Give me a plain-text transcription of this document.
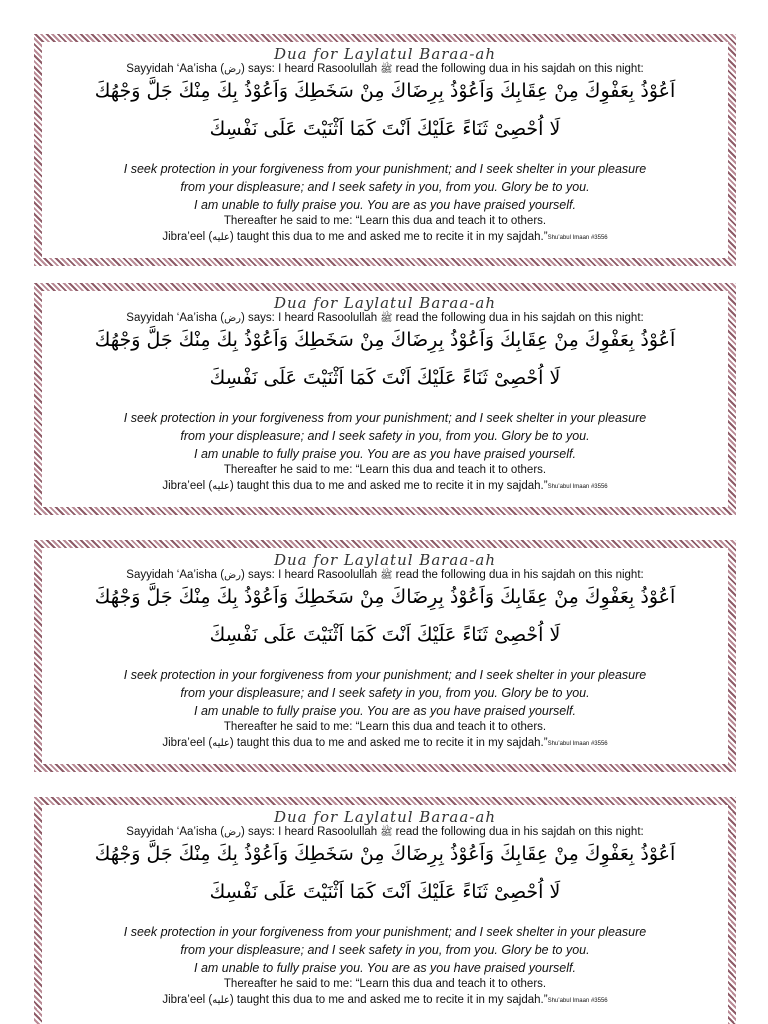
Dua for Laylatul Baraa-ah
Sayyidah ‘Aa’isha (رض) says: I heard Rasoolullah ﷺ read the following dua in his sajdah on this night:
اَعُوْذُ بِعَفْوِكَ مِنْ عِقَابِكَ وَاَعُوْذُ بِرِضَاكَ مِنْ سَخَطِكَ وَاَعُوْذُ بِكَ مِنْكَ جَلَّ وَجْهُكَ
لَا اُحْصِىْ ثَنَاءً عَلَيْكَ اَنْتَ كَمَا اَثْنَيْتَ عَلَى نَفْسِكَ
I seek protection in your forgiveness from your punishment; and I seek shelter in your pleasure
from your displeasure; and I seek safety in you, from you. Glory be to you.
I am unable to fully praise you. You are as you have praised yourself.
Thereafter he said to me: “Learn this dua and teach it to others.
Jibra’eel (عليه) taught this dua to me and asked me to recite it in my sajdah.”Shu’abul Imaan #3556
Dua for Laylatul Baraa-ah
Sayyidah ‘Aa’isha (رض) says: I heard Rasoolullah ﷺ read the following dua in his sajdah on this night:
اَعُوْذُ بِعَفْوِكَ مِنْ عِقَابِكَ وَاَعُوْذُ بِرِضَاكَ مِنْ سَخَطِكَ وَاَعُوْذُ بِكَ مِنْكَ جَلَّ وَجْهُكَ
لَا اُحْصِىْ ثَنَاءً عَلَيْكَ اَنْتَ كَمَا اَثْنَيْتَ عَلَى نَفْسِكَ
I seek protection in your forgiveness from your punishment; and I seek shelter in your pleasure
from your displeasure; and I seek safety in you, from you. Glory be to you.
I am unable to fully praise you. You are as you have praised yourself.
Thereafter he said to me: “Learn this dua and teach it to others.
Jibra’eel (عليه) taught this dua to me and asked me to recite it in my sajdah.”Shu’abul Imaan #3556
Dua for Laylatul Baraa-ah
Sayyidah ‘Aa’isha (رض) says: I heard Rasoolullah ﷺ read the following dua in his sajdah on this night:
اَعُوْذُ بِعَفْوِكَ مِنْ عِقَابِكَ وَاَعُوْذُ بِرِضَاكَ مِنْ سَخَطِكَ وَاَعُوْذُ بِكَ مِنْكَ جَلَّ وَجْهُكَ
لَا اُحْصِىْ ثَنَاءً عَلَيْكَ اَنْتَ كَمَا اَثْنَيْتَ عَلَى نَفْسِكَ
I seek protection in your forgiveness from your punishment; and I seek shelter in your pleasure
from your displeasure; and I seek safety in you, from you. Glory be to you.
I am unable to fully praise you. You are as you have praised yourself.
Thereafter he said to me: “Learn this dua and teach it to others.
Jibra’eel (عليه) taught this dua to me and asked me to recite it in my sajdah.”Shu’abul Imaan #3556
Dua for Laylatul Baraa-ah
Sayyidah ‘Aa’isha (رض) says: I heard Rasoolullah ﷺ read the following dua in his sajdah on this night:
اَعُوْذُ بِعَفْوِكَ مِنْ عِقَابِكَ وَاَعُوْذُ بِرِضَاكَ مِنْ سَخَطِكَ وَاَعُوْذُ بِكَ مِنْكَ جَلَّ وَجْهُكَ
لَا اُحْصِىْ ثَنَاءً عَلَيْكَ اَنْتَ كَمَا اَثْنَيْتَ عَلَى نَفْسِكَ
I seek protection in your forgiveness from your punishment; and I seek shelter in your pleasure
from your displeasure; and I seek safety in you, from you. Glory be to you.
I am unable to fully praise you. You are as you have praised yourself.
Thereafter he said to me: “Learn this dua and teach it to others.
Jibra’eel (عليه) taught this dua to me and asked me to recite it in my sajdah.”Shu’abul Imaan #3556
